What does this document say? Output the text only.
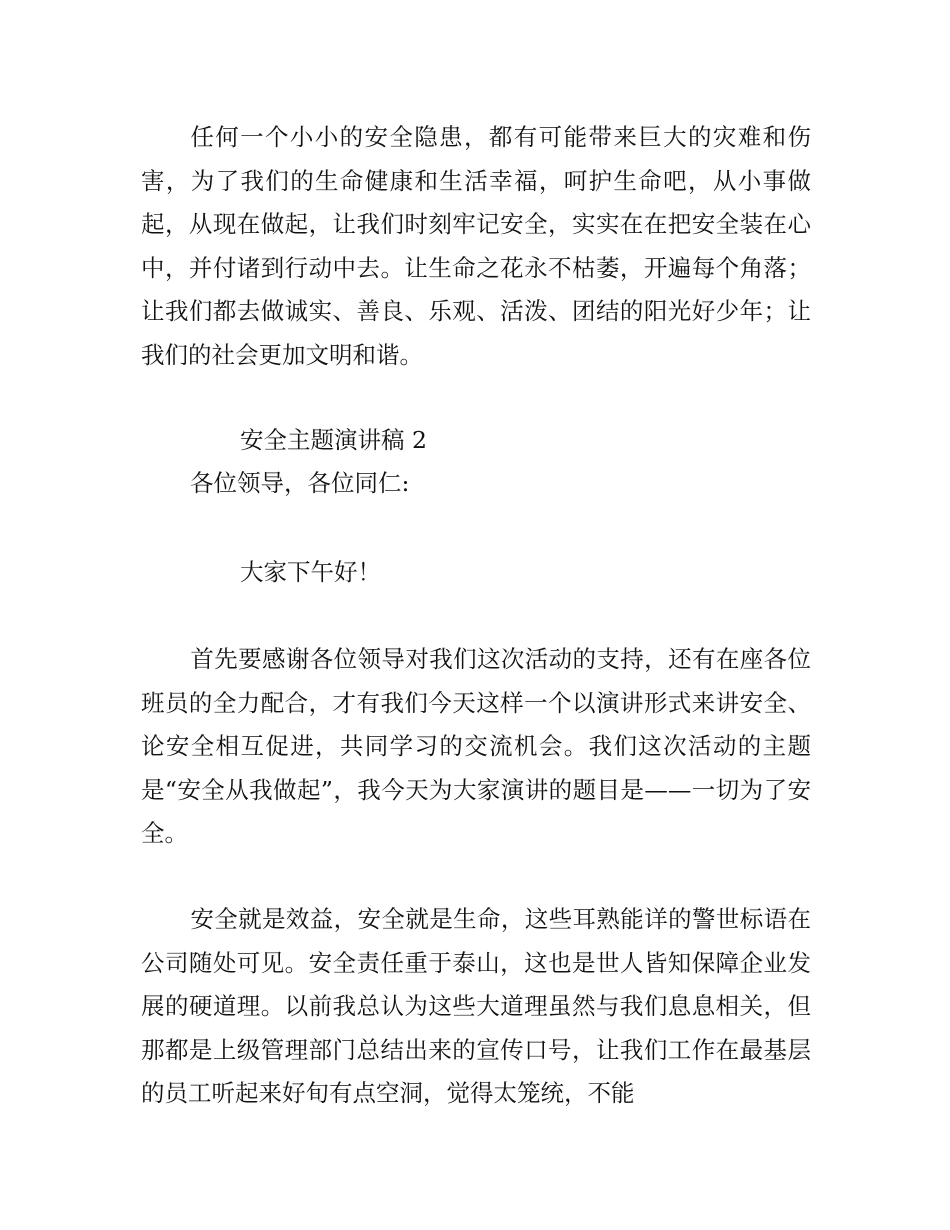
任何一个小小的安全隐患，都有可能带来巨大的灾难和伤害，为了我们的生命健康和生活幸福，呵护生命吧，从小事做起，从现在做起，让我们时刻牢记安全，实实在在把安全装在心中，并付诸到行动中去。让生命之花永不枯萎，开遍每个角落；让我们都去做诚实、善良、乐观、活泼、团结的阳光好少年；让我们的社会更加文明和谐。

安全主题演讲稿 2

各位领导，各位同仁:

大家下午好！

首先要感谢各位领导对我们这次活动的支持，还有在座各位班员的全力配合，才有我们今天这样一个以演讲形式来讲安全、论安全相互促进，共同学习的交流机会。我们这次活动的主题是“安全从我做起”，我今天为大家演讲的题目是——一切为了安全。

安全就是效益，安全就是生命，这些耳熟能详的警世标语在公司随处可见。安全责任重于泰山，这也是世人皆知保障企业发展的硬道理。以前我总认为这些大道理虽然与我们息息相关，但那都是上级管理部门总结出来的宣传口号，让我们工作在最基层的员工听起来好旬有点空洞，觉得太笼统，不能
